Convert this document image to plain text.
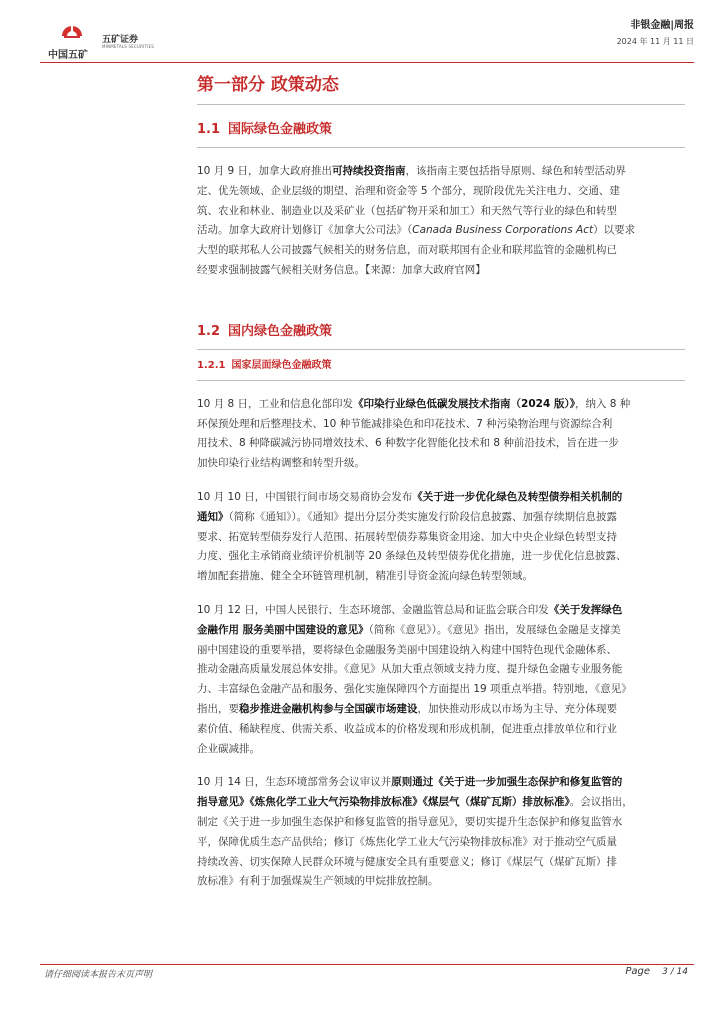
中国五矿
五矿证券
MINMETALS SECURITIES
非银金融|周报
2024 年 11 月 11 日
第一部分 政策动态
1.1 国际绿色金融政策

10 月 9 日，加拿大政府推出可持续投资指南，该指南主要包括指导原则、绿色和转型活动界

定、优先领域、企业层级的期望、治理和资金等 5 个部分，现阶段优先关注电力、交通、建

筑、农业和林业、制造业以及采矿业（包括矿物开采和加工）和天然气等行业的绿色和转型

活动。加拿大政府计划修订《加拿大公司法》（Canada Business Corporations Act）以要求

大型的联邦私人公司披露气候相关的财务信息，而对联邦国有企业和联邦监管的金融机构已

经要求强制披露气候相关财务信息。【来源：加拿大政府官网】

1.2 国内绿色金融政策
1.2.1 国家层面绿色金融政策

10 月 8 日，工业和信息化部印发《印染行业绿色低碳发展技术指南（2024 版）》，纳入 8 种

环保预处理和后整理技术、10 种节能减排染色和印花技术、7 种污染物治理与资源综合利

用技术、8 种降碳减污协同增效技术、6 种数字化智能化技术和 8 种前沿技术，旨在进一步

加快印染行业结构调整和转型升级。

10 月 10 日，中国银行间市场交易商协会发布《关于进一步优化绿色及转型债券相关机制的

通知》（简称《通知》）。《通知》提出分层分类实施发行阶段信息披露、加强存续期信息披露

要求、拓宽转型债券发行人范围、拓展转型债券募集资金用途、加大中央企业绿色转型支持

力度、强化主承销商业绩评价机制等 20 条绿色及转型债券优化措施，进一步优化信息披露、

增加配套措施、健全全环链管理机制，精准引导资金流向绿色转型领域。

10 月 12 日，中国人民银行、生态环境部、金融监管总局和证监会联合印发《关于发挥绿色

金融作用 服务美丽中国建设的意见》（简称《意见》）。《意见》指出，发展绿色金融是支撑美

丽中国建设的重要举措，要将绿色金融服务美丽中国建设纳入构建中国特色现代金融体系、

推动金融高质量发展总体安排。《意见》从加大重点领域支持力度、提升绿色金融专业服务能

力、丰富绿色金融产品和服务、强化实施保障四个方面提出 19 项重点举措。特别地，《意见》

指出，要稳步推进金融机构参与全国碳市场建设，加快推动形成以市场为主导、充分体现要

素价值、稀缺程度、供需关系、收益成本的价格发现和形成机制，促进重点排放单位和行业

企业碳减排。

10 月 14 日，生态环境部常务会议审议并原则通过《关于进一步加强生态保护和修复监管的

指导意见》《炼焦化学工业大气污染物排放标准》《煤层气（煤矿瓦斯）排放标准》。会议指出，

制定《关于进一步加强生态保护和修复监管的指导意见》，要切实提升生态保护和修复监管水

平，保障优质生态产品供给；修订《炼焦化学工业大气污染物排放标准》对于推动空气质量

持续改善、切实保障人民群众环境与健康安全具有重要意义；修订《煤层气（煤矿瓦斯）排

放标准》有利于加强煤炭生产领域的甲烷排放控制。

请仔细阅读本报告末页声明	Page 3 / 14
